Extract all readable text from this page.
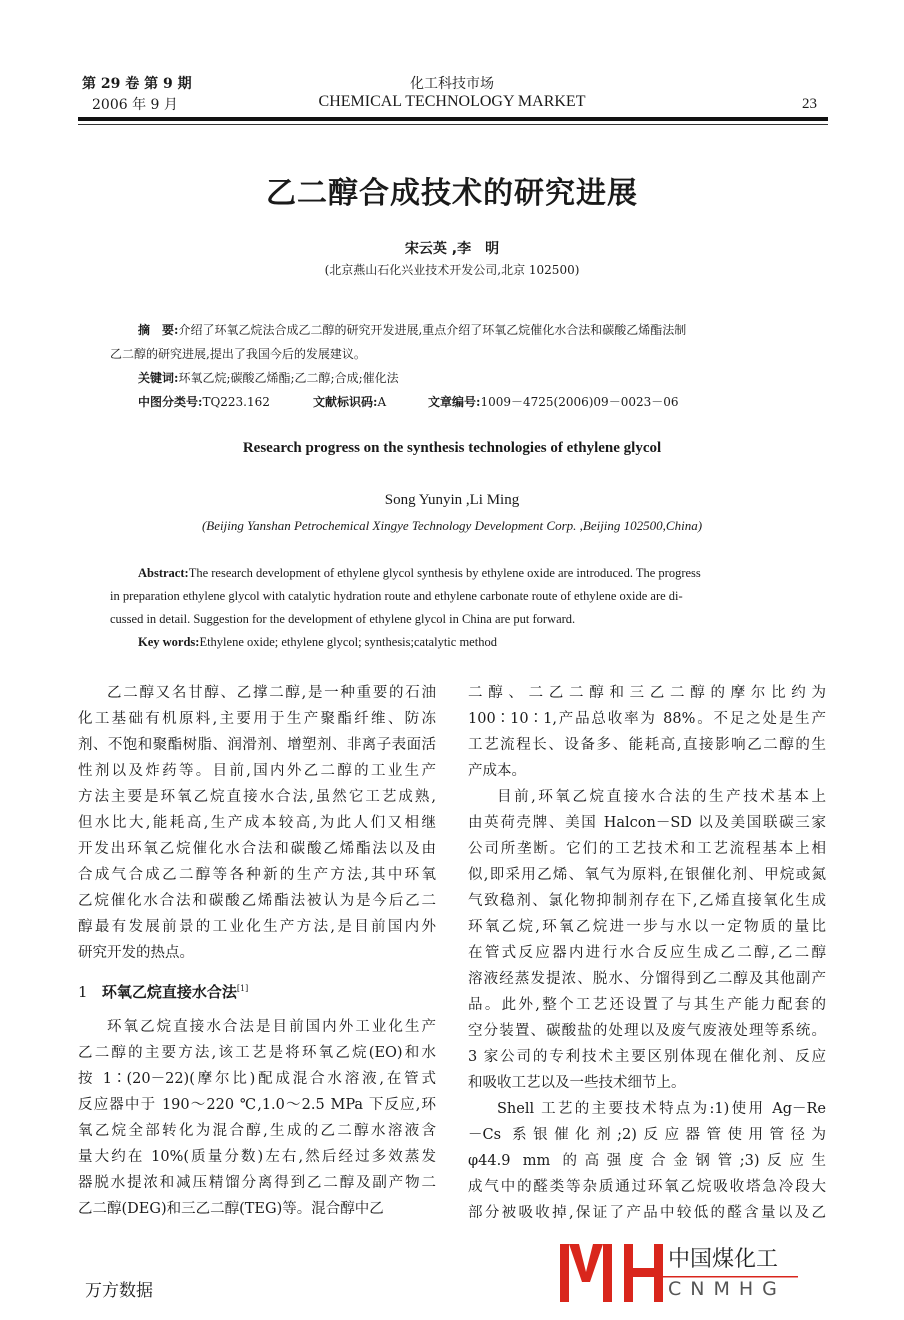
第 29 卷 第 9 期
2006 年 9 月
化工科技市场
CHEMICAL TECHNOLOGY MARKET	23
乙二醇合成技术的研究进展
宋云英 ,李　明
(北京燕山石化兴业技术开发公司,北京 102500)
摘　要:介绍了环氧乙烷法合成乙二醇的研究开发进展,重点介绍了环氧乙烷催化水合法和碳酸乙烯酯法制
乙二醇的研究进展,提出了我国今后的发展建议。
关键词:环氧乙烷;碳酸乙烯酯;乙二醇;合成;催化法
中图分类号:TQ223.162	文献标识码:A	文章编号:1009－4725(2006)09－0023－06
Research progress on the synthesis technologies of ethylene glycol
Song Yunyin ,Li Ming
(Beijing Yanshan Petrochemical Xingye Technology Development Corp. ,Beijing 102500,China)
Abstract:The research development of ethylene glycol synthesis by ethylene oxide are introduced. The progress
in preparation ethylene glycol with catalytic hydration route and ethylene carbonate route of ethylene oxide are di-
cussed in detail. Suggestion for the development of ethylene glycol in China are put forward.
Key words:Ethylene oxide; ethylene glycol; synthesis;catalytic method
乙二醇又名甘醇、乙撑二醇,是一种重要的石油
化工基础有机原料,主要用于生产聚酯纤维、防冻
剂、不饱和聚酯树脂、润滑剂、增塑剂、非离子表面活
性剂以及炸药等。目前,国内外乙二醇的工业生产
方法主要是环氧乙烷直接水合法,虽然它工艺成熟,
但水比大,能耗高,生产成本较高,为此人们又相继
开发出环氧乙烷催化水合法和碳酸乙烯酯法以及由
合成气合成乙二醇等各种新的生产方法,其中环氧
乙烷催化水合法和碳酸乙烯酯法被认为是今后乙二
醇最有发展前景的工业化生产方法,是目前国内外
研究开发的热点。
1 环氧乙烷直接水合法[1]
环氧乙烷直接水合法是目前国内外工业化生产
乙二醇的主要方法,该工艺是将环氧乙烷(EO)和水
按 1∶(20－22)(摩尔比)配成混合水溶液,在管式
反应器中于 190～220 ℃,1.0～2.5 MPa 下反应,环
氧乙烷全部转化为混合醇,生成的乙二醇水溶液含
量大约在 10%(质量分数)左右,然后经过多效蒸发
器脱水提浓和减压精馏分离得到乙二醇及副产物二
乙二醇(DEG)和三乙二醇(TEG)等。混合醇中乙
二醇、二乙二醇和三乙二醇的摩尔比约为
100∶10∶1,产品总收率为 88%。不足之处是生产
工艺流程长、设备多、能耗高,直接影响乙二醇的生
产成本。
目前,环氧乙烷直接水合法的生产技术基本上
由英荷壳牌、美国 Halcon－SD 以及美国联碳三家
公司所垄断。它们的工艺技术和工艺流程基本上相
似,即采用乙烯、氧气为原料,在银催化剂、甲烷或氮
气致稳剂、氯化物抑制剂存在下,乙烯直接氧化生成
环氧乙烷,环氧乙烷进一步与水以一定物质的量比
在管式反应器内进行水合反应生成乙二醇,乙二醇
溶液经蒸发提浓、脱水、分馏得到乙二醇及其他副产
品。此外,整个工艺还设置了与其生产能力配套的
空分装置、碳酸盐的处理以及废气废液处理等系统。
3 家公司的专利技术主要区别体现在催化剂、反应
和吸收工艺以及一些技术细节上。
Shell 工艺的主要技术特点为:1)使用 Ag－Re
－Cs 系银催化剂;2)反应器管使用管径为
φ44.9 mm 的高强度合金钢管;3)反应生
成气中的醛类等杂质通过环氧乙烷吸收塔急冷段大
部分被吸收掉,保证了产品中较低的醛含量以及乙
中国煤化工
CNMHG
万方数据
